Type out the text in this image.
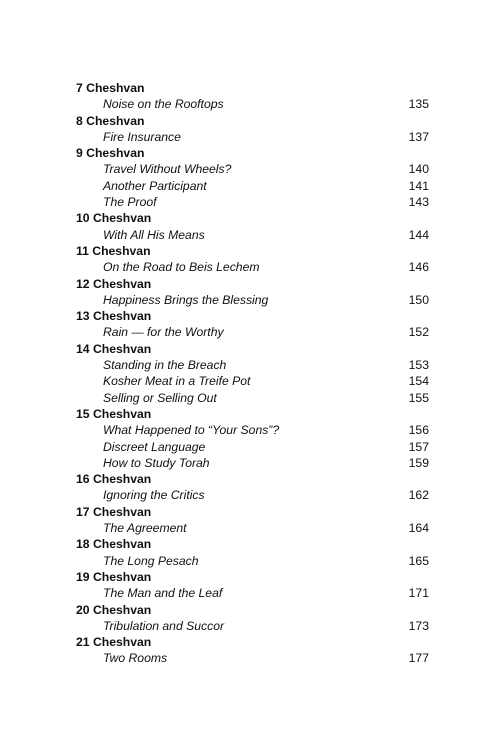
7 Cheshvan
Noise on the Rooftops	135
8 Cheshvan
Fire Insurance	137
9 Cheshvan
Travel Without Wheels?	140
Another Participant	141
The Proof	143
10 Cheshvan
With All His Means	144
11 Cheshvan
On the Road to Beis Lechem	146
12 Cheshvan
Happiness Brings the Blessing	150
13 Cheshvan
Rain — for the Worthy	152
14 Cheshvan
Standing in the Breach	153
Kosher Meat in a Treife Pot	154
Selling or Selling Out	155
15 Cheshvan
What Happened to “Your Sons”?	156
Discreet Language	157
How to Study Torah	159
16 Cheshvan
Ignoring the Critics	162
17 Cheshvan
The Agreement	164
18 Cheshvan
The Long Pesach	165
19 Cheshvan
The Man and the Leaf	171
20 Cheshvan
Tribulation and Succor	173
21 Cheshvan
Two Rooms	177
